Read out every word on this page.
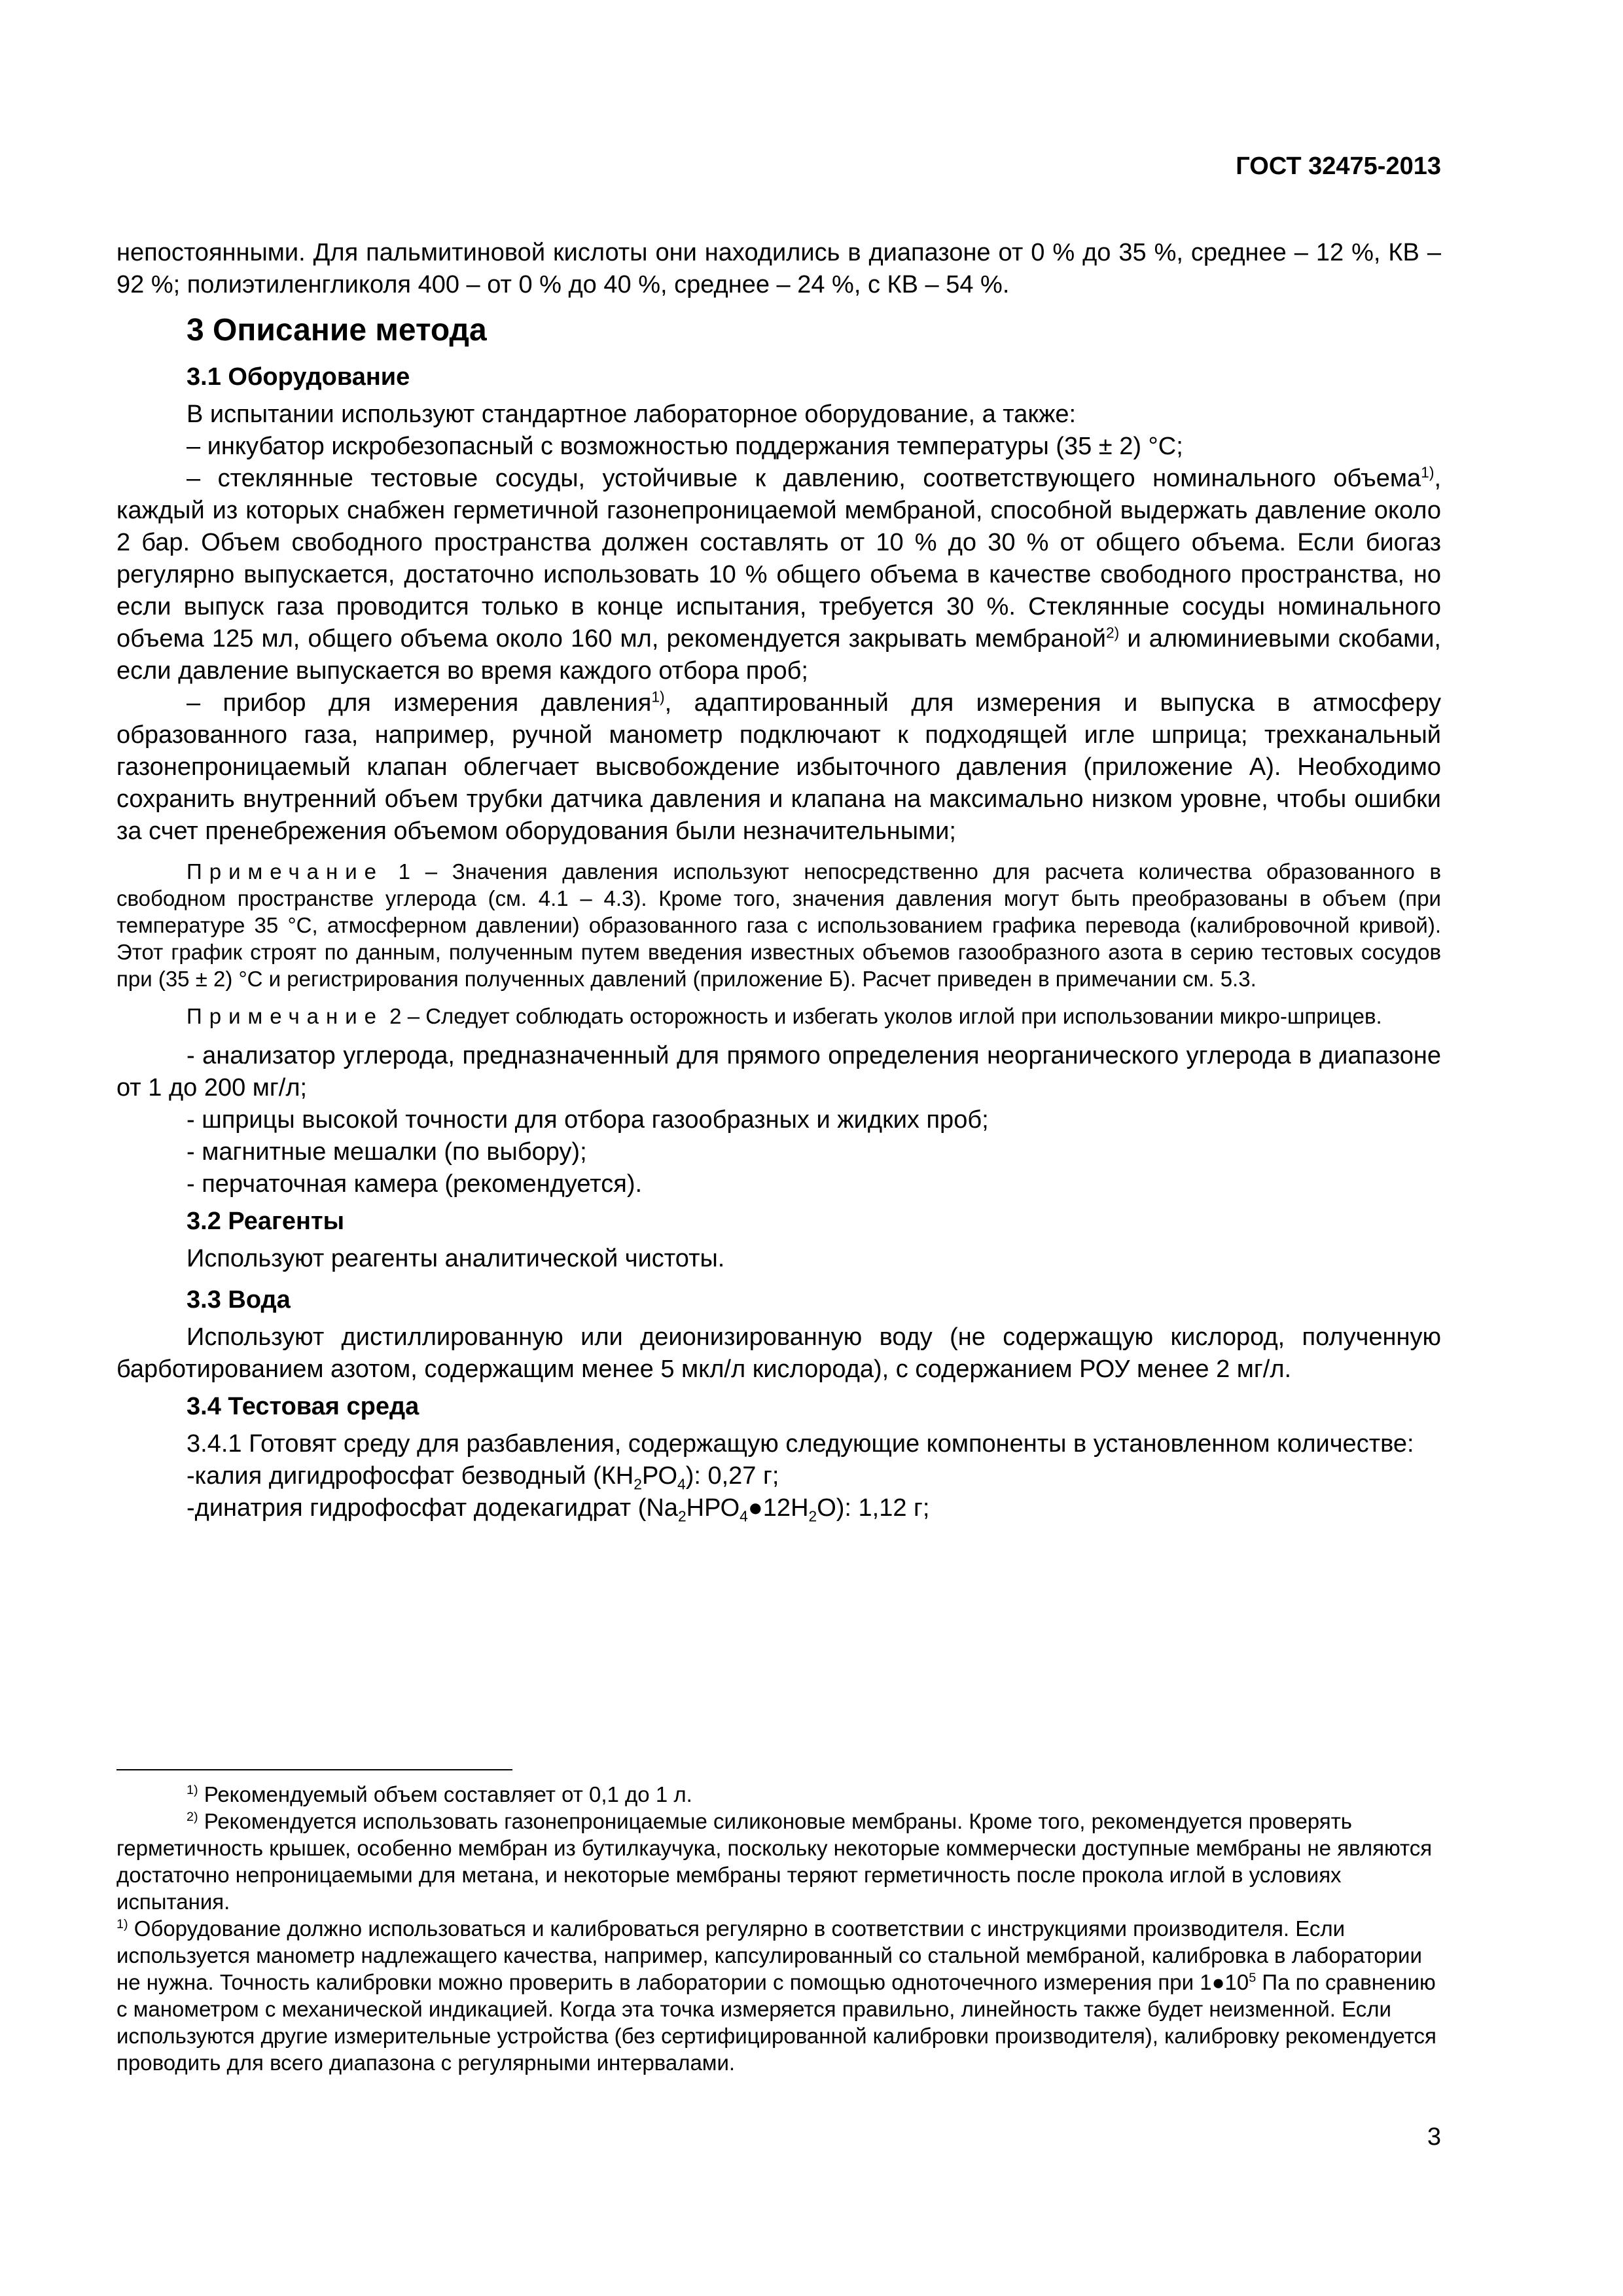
ГОСТ 32475-2013

непостоянными. Для пальмитиновой кислоты они находились в диапазоне от 0 % до 35 %, среднее – 12 %, КВ – 92 %; полиэтиленгликоля 400 – от 0 % до 40 %, среднее – 24 %, с КВ – 54 %.

3 Описание метода
3.1 Оборудование

В испытании используют стандартное лабораторное оборудование, а также:

– инкубатор искробезопасный с возможностью поддержания температуры (35 ± 2) °С;

– стеклянные тестовые сосуды, устойчивые к давлению, соответствующего номинального объема$^{1)}$, каждый из которых снабжен герметичной газонепроницаемой мембраной, способной выдержать давление около 2 бар. Объем свободного пространства должен составлять от 10 % до 30 % от общего объема. Если биогаз регулярно выпускается, достаточно использовать 10 % общего объема в качестве свободного пространства, но если выпуск газа проводится только в конце испытания, требуется 30 %. Стеклянные сосуды номинального объема 125 мл, общего объема около 160 мл, рекомендуется закрывать мембраной$^{2)}$ и алюминиевыми скобами, если давление выпускается во время каждого отбора проб;

– прибор для измерения давления$^{1)}$, адаптированный для измерения и выпуска в атмосферу образованного газа, например, ручной манометр подключают к подходящей игле шприца; трехканальный газонепроницаемый клапан облегчает высвобождение избыточного давления (приложение А). Необходимо сохранить внутренний объем трубки датчика давления и клапана на максимально низком уровне, чтобы ошибки за счет пренебрежения объемом оборудования были незначительными;

Примечание 1 – Значения давления используют непосредственно для расчета количества образованного в свободном пространстве углерода (см. 4.1 – 4.3). Кроме того, значения давления могут быть преобразованы в объем (при температуре 35 °С, атмосферном давлении) образованного газа с использованием графика перевода (калибровочной кривой). Этот график строят по данным, полученным путем введения известных объемов газообразного азота в серию тестовых сосудов при (35 ± 2) °С и регистрирования полученных давлений (приложение Б). Расчет приведен в примечании см. 5.3.

Примечание 2 – Следует соблюдать осторожность и избегать уколов иглой при использовании микро-шприцев.

- анализатор углерода, предназначенный для прямого определения неорганического углерода в диапазоне от 1 до 200 мг/л;

- шприцы высокой точности для отбора газообразных и жидких проб;

- магнитные мешалки (по выбору);

- перчаточная камера (рекомендуется).

3.2 Реагенты

Используют реагенты аналитической чистоты.

3.3 Вода

Используют дистиллированную или деионизированную воду (не содержащую кислород, полученную барботированием азотом, содержащим менее 5 мкл/л кислорода), с содержанием РОУ менее 2 мг/л.

3.4 Тестовая среда

3.4.1 Готовят среду для разбавления, содержащую следующие компоненты в установленном количестве:

-калия дигидрофосфат безводный $(КН_2РО_4)$: 0,27 г;

-динатрия гидрофосфат додекагидрат $(Na_2НРО_4●12Н_2О)$: 1,12 г;

$^{1)}$ Рекомендуемый объем составляет от 0,1 до 1 л.

$^{2)}$ Рекомендуется использовать газонепроницаемые силиконовые мембраны. Кроме того, рекомендуется проверять герметичность крышек, особенно мембран из бутилкаучука, поскольку некоторые коммерчески доступные мембраны не являются достаточно непроницаемыми для метана, и некоторые мембраны теряют герметичность после прокола иглой в условиях испытания.

$^{1)}$ Оборудование должно использоваться и калиброваться регулярно в соответствии с инструкциями производителя. Если используется манометр надлежащего качества, например, капсулированный со стальной мембраной, калибровка в лаборатории не нужна. Точность калибровки можно проверить в лаборатории с помощью одноточечного измерения при $1●10^5$ Па по сравнению с манометром с механической индикацией. Когда эта точка измеряется правильно, линейность также будет неизменной. Если используются другие измерительные устройства (без сертифицированной калибровки производителя), калибровку рекомендуется проводить для всего диапазона с регулярными интервалами.

3
